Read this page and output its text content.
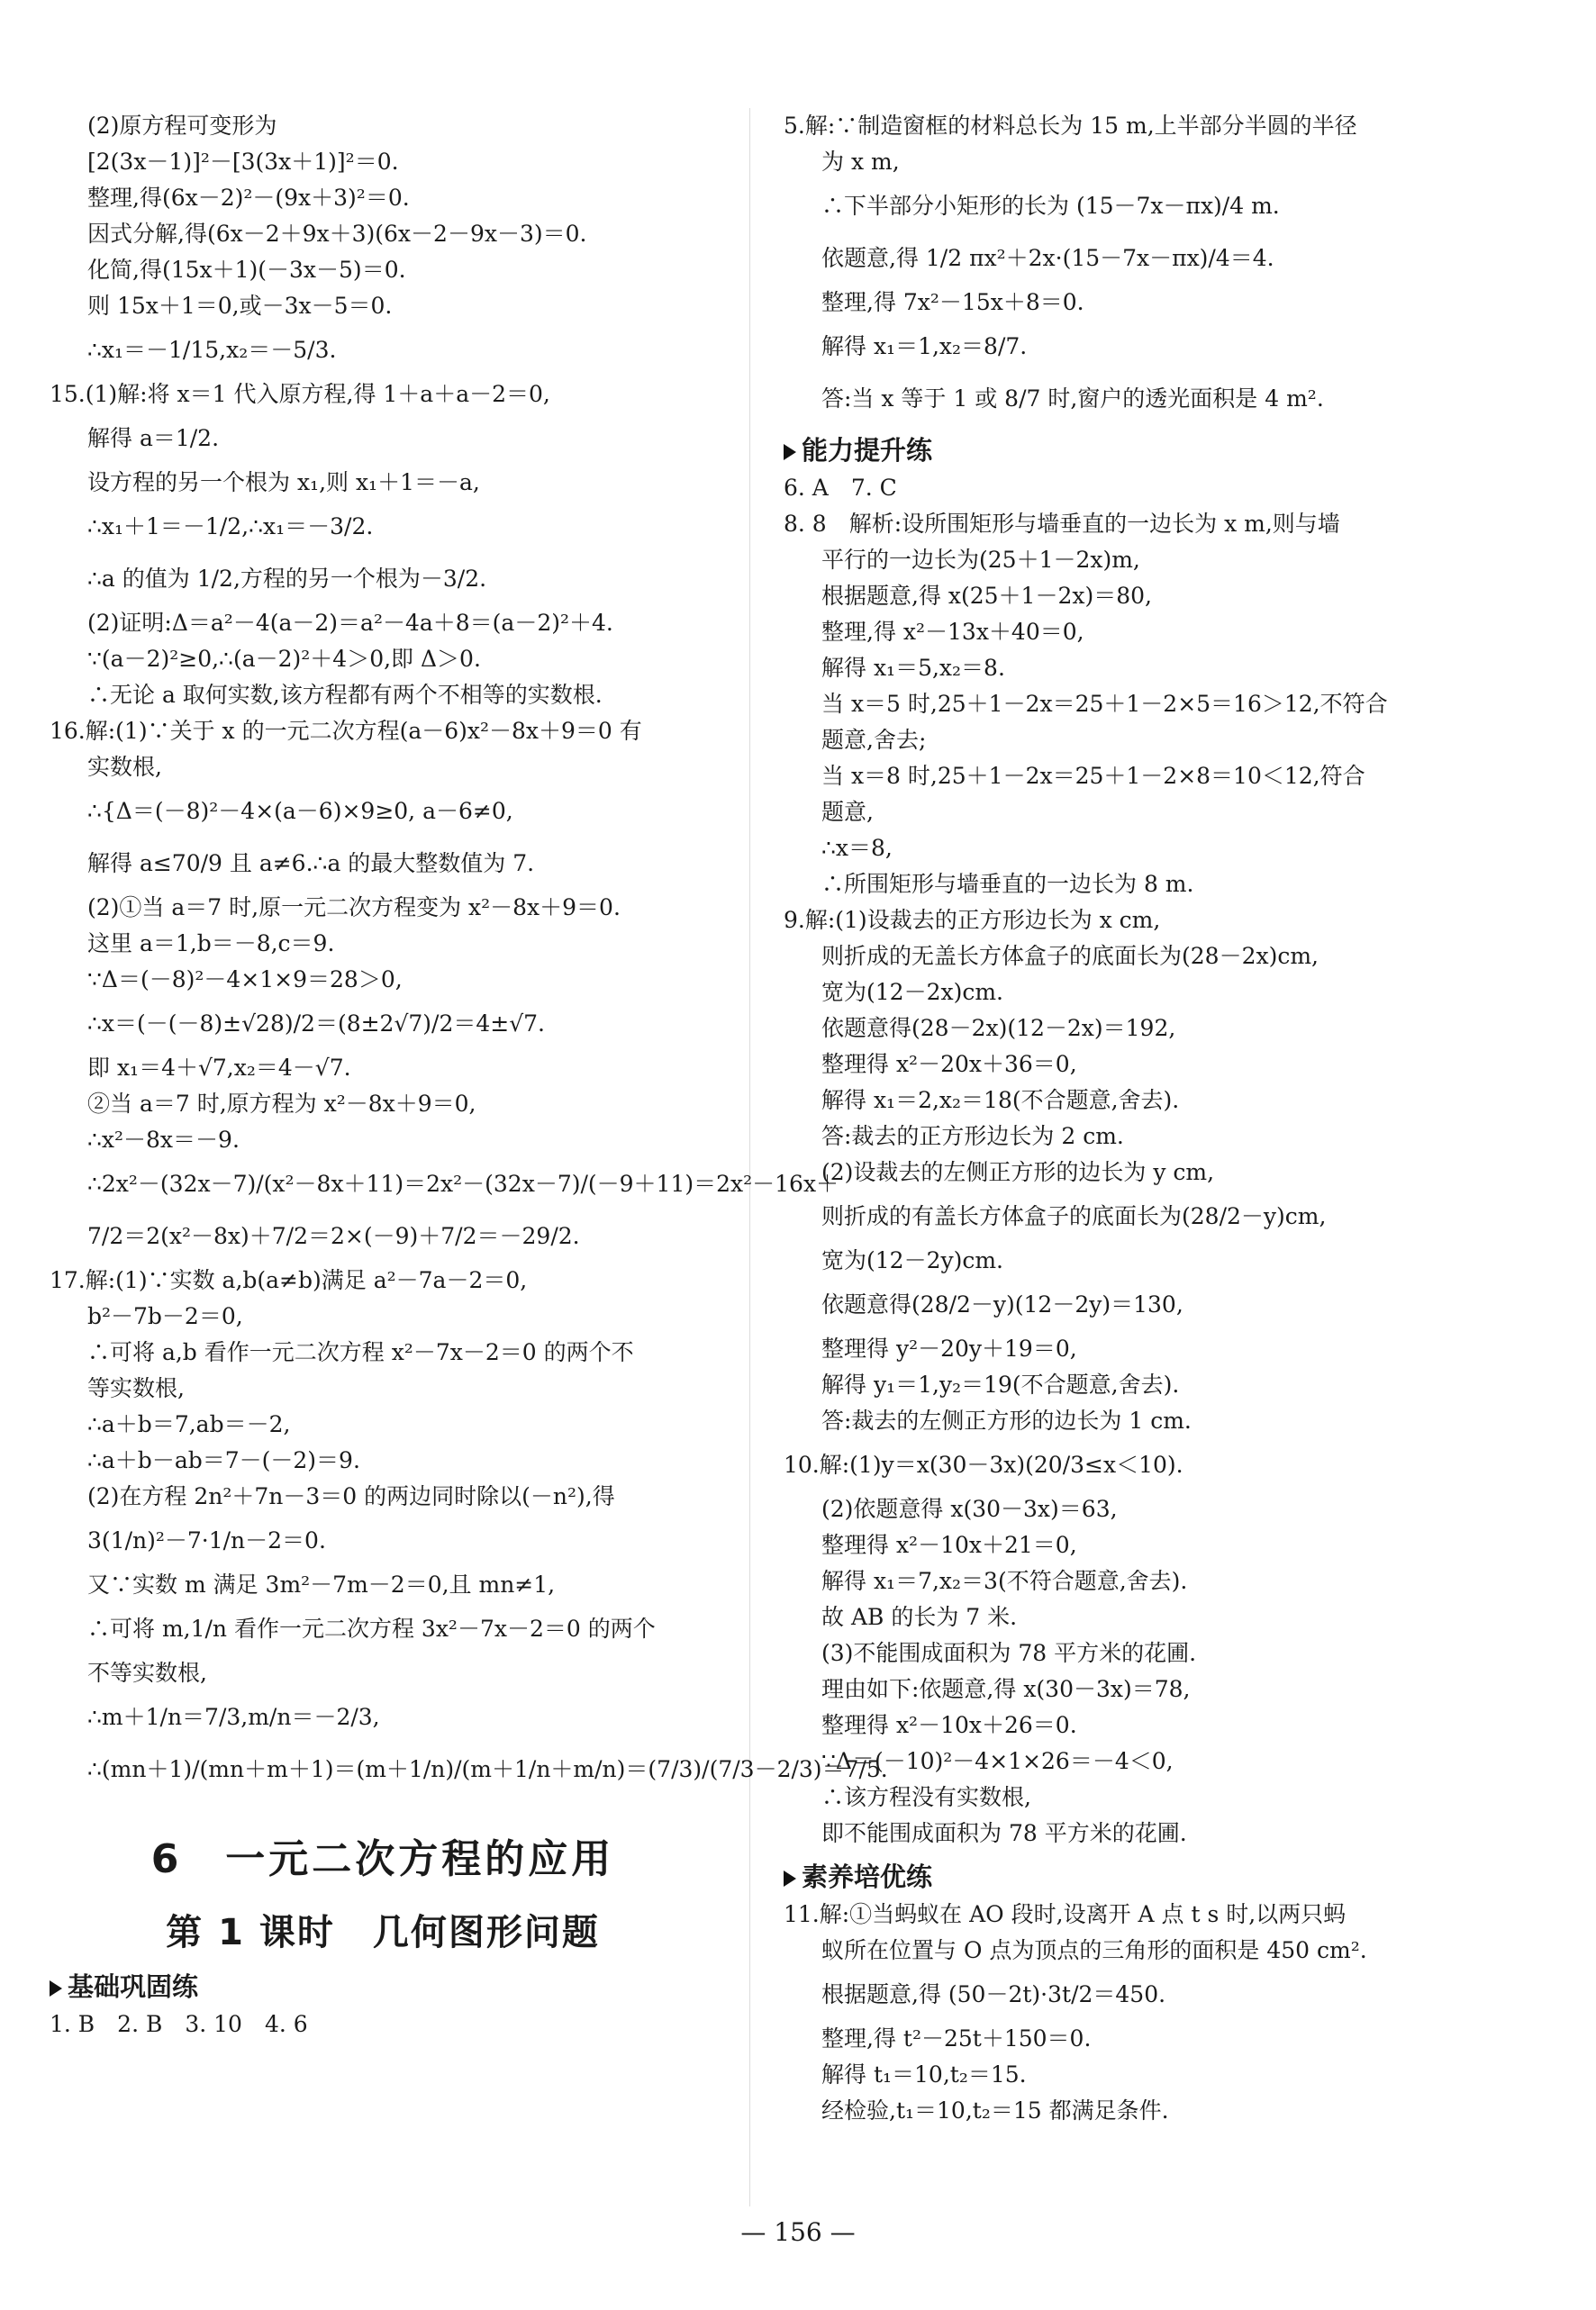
(2)原方程可变形为
[2(3x－1)]²－[3(3x＋1)]²＝0.
整理,得(6x－2)²－(9x＋3)²＝0.
因式分解,得(6x－2＋9x＋3)(6x－2－9x－3)＝0.
化简,得(15x＋1)(－3x－5)＝0.
则 15x＋1＝0,或－3x－5＝0.
∴x₁＝－1/15,x₂＝－5/3.
15.(1)解:将 x＝1 代入原方程,得 1＋a＋a－2＝0,
解得 a＝1/2.
设方程的另一个根为 x₁,则 x₁＋1＝－a,
∴x₁＋1＝－1/2,∴x₁＝－3/2.
∴a 的值为 1/2,方程的另一个根为－3/2.
(2)证明:Δ＝a²－4(a－2)＝a²－4a＋8＝(a－2)²＋4.
∵(a－2)²≥0,∴(a－2)²＋4＞0,即 Δ＞0.
∴无论 a 取何实数,该方程都有两个不相等的实数根.
16.解:(1)∵关于 x 的一元二次方程(a－6)x²－8x＋9＝0 有
实数根,
∴{Δ＝(－8)²－4×(a－6)×9≥0, a－6≠0,
解得 a≤70/9 且 a≠6.∴a 的最大整数值为 7.
(2)①当 a＝7 时,原一元二次方程变为 x²－8x＋9＝0.
这里 a＝1,b＝－8,c＝9.
∵Δ＝(－8)²－4×1×9＝28＞0,
∴x＝(－(－8)±√28)/2＝(8±2√7)/2＝4±√7.
即 x₁＝4＋√7,x₂＝4－√7.
②当 a＝7 时,原方程为 x²－8x＋9＝0,
∴x²－8x＝－9.
∴2x²－(32x－7)/(x²－8x＋11)＝2x²－(32x－7)/(－9＋11)＝2x²－16x＋
7/2＝2(x²－8x)＋7/2＝2×(－9)＋7/2＝－29/2.
17.解:(1)∵实数 a,b(a≠b)满足 a²－7a－2＝0,
b²－7b－2＝0,
∴可将 a,b 看作一元二次方程 x²－7x－2＝0 的两个不
等实数根,
∴a＋b＝7,ab＝－2,
∴a＋b－ab＝7－(－2)＝9.
(2)在方程 2n²＋7n－3＝0 的两边同时除以(－n²),得
3(1/n)²－7·1/n－2＝0.
又∵实数 m 满足 3m²－7m－2＝0,且 mn≠1,
∴可将 m,1/n 看作一元二次方程 3x²－7x－2＝0 的两个
不等实数根,
∴m＋1/n＝7/3,m/n＝－2/3,
∴(mn＋1)/(mn＋m＋1)＝(m＋1/n)/(m＋1/n＋m/n)＝(7/3)/(7/3－2/3)＝7/5.
6　一元二次方程的应用
第 1 课时　几何图形问题
基础巩固练
1. B　2. B　3. 10　4. 6
5.解:∵制造窗框的材料总长为 15 m,上半部分半圆的半径
为 x m,
∴下半部分小矩形的长为 (15－7x－πx)/4 m.
依题意,得 1/2 πx²＋2x·(15－7x－πx)/4＝4.
整理,得 7x²－15x＋8＝0.
解得 x₁＝1,x₂＝8/7.
答:当 x 等于 1 或 8/7 时,窗户的透光面积是 4 m².
能力提升练
6. A　7. C
8. 8　解析:设所围矩形与墙垂直的一边长为 x m,则与墙
平行的一边长为(25＋1－2x)m,
根据题意,得 x(25＋1－2x)＝80,
整理,得 x²－13x＋40＝0,
解得 x₁＝5,x₂＝8.
当 x＝5 时,25＋1－2x＝25＋1－2×5＝16＞12,不符合
题意,舍去;
当 x＝8 时,25＋1－2x＝25＋1－2×8＝10＜12,符合
题意,
∴x＝8,
∴所围矩形与墙垂直的一边长为 8 m.
9.解:(1)设裁去的正方形边长为 x cm,
则折成的无盖长方体盒子的底面长为(28－2x)cm,
宽为(12－2x)cm.
依题意得(28－2x)(12－2x)＝192,
整理得 x²－20x＋36＝0,
解得 x₁＝2,x₂＝18(不合题意,舍去).
答:裁去的正方形边长为 2 cm.
(2)设裁去的左侧正方形的边长为 y cm,
则折成的有盖长方体盒子的底面长为(28/2－y)cm,
宽为(12－2y)cm.
依题意得(28/2－y)(12－2y)＝130,
整理得 y²－20y＋19＝0,
解得 y₁＝1,y₂＝19(不合题意,舍去).
答:裁去的左侧正方形的边长为 1 cm.
10.解:(1)y＝x(30－3x)(20/3≤x＜10).
(2)依题意得 x(30－3x)＝63,
整理得 x²－10x＋21＝0,
解得 x₁＝7,x₂＝3(不符合题意,舍去).
故 AB 的长为 7 米.
(3)不能围成面积为 78 平方米的花圃.
理由如下:依题意,得 x(30－3x)＝78,
整理得 x²－10x＋26＝0.
∵Δ＝(－10)²－4×1×26＝－4＜0,
∴该方程没有实数根,
即不能围成面积为 78 平方米的花圃.
素养培优练
11.解:①当蚂蚁在 AO 段时,设离开 A 点 t s 时,以两只蚂
蚁所在位置与 O 点为顶点的三角形的面积是 450 cm².
根据题意,得 (50－2t)·3t/2＝450.
整理,得 t²－25t＋150＝0.
解得 t₁＝10,t₂＝15.
经检验,t₁＝10,t₂＝15 都满足条件.
— 156 —
